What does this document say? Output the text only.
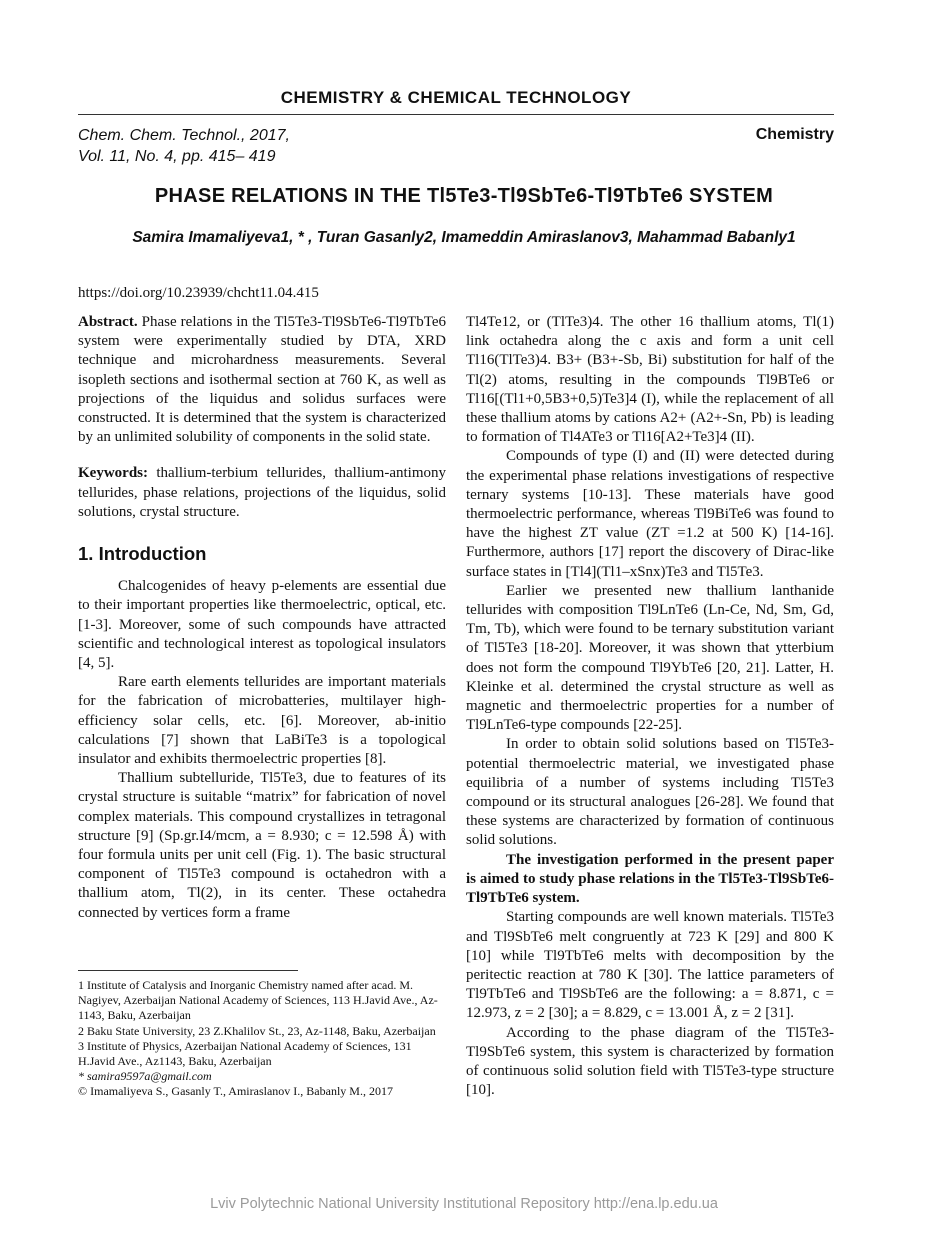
CHEMISTRY & CHEMICAL TECHNOLOGY
Chem. Chem. Technol., 2017,
Vol. 11, No. 4, pp. 415– 419
Chemistry
PHASE RELATIONS IN THE Tl5Te3-Tl9SbTe6-Tl9TbTe6 SYSTEM
Samira Imamaliyeva1, * , Turan Gasanly2, Imameddin Amiraslanov3, Mahammad Babanly1
https://doi.org/10.23939/chcht11.04.415

Abstract. Phase relations in the Tl5Te3-Tl9SbTe6-Tl9TbTe6 system were experimentally studied by DTA, XRD technique and microhardness measurements. Several isopleth sections and isothermal section at 760 K, as well as projections of the liquidus and solidus surfaces were constructed. It is determined that the system is characterized by an unlimited solubility of components in the solid state.

Keywords: thallium-terbium tellurides, thallium-antimony tellurides, phase relations, projections of the liquidus, solid solutions, crystal structure.

1. Introduction

Chalcogenides of heavy p-elements are essential due to their important properties like thermoelectric, optical, etc. [1-3]. Moreover, some of such compounds have attracted scientific and technological interest as topological insulators [4, 5].

Rare earth elements tellurides are important materials for the fabrication of microbatteries, multilayer high-efficiency solar cells, etc. [6]. Moreover, ab-initio calculations [7] shown that LaBiTe3 is a topological insulator and exhibits thermoelectric properties [8].

Thallium subtelluride, Tl5Te3, due to features of its crystal structure is suitable “matrix” for fabrication of novel complex materials. This compound crystallizes in tetragonal structure [9] (Sp.gr.I4/mcm, a = 8.930; c = 12.598 Å) with four formula units per unit cell (Fig. 1). The basic structural component of Tl5Te3 compound is octahedron with a thallium atom, Tl(2), in its center. These octahedra connected by vertices form a frame

Tl4Te12, or (TlTe3)4. The other 16 thallium atoms, Tl(1) link octahedra along the c axis and form a unit cell Tl16(TlTe3)4. B3+ (B3+-Sb, Bi) substitution for half of the Tl(2) atoms, resulting in the compounds Tl9BTe6 or Tl16[(Tl1+0,5B3+0,5)Te3]4 (I), while the replacement of all these thallium atoms by cations A2+ (A2+-Sn, Pb) is leading to formation of Tl4ATe3 or Tl16[A2+Te3]4 (II).

Compounds of type (I) and (II) were detected during the experimental phase relations investigations of respective ternary systems [10-13]. These materials have good thermoelectric performance, whereas Tl9BiTe6 was found to have the highest ZT value (ZT =1.2 at 500 K) [14-16]. Furthermore, authors [17] report the discovery of Dirac-like surface states in [Tl4](Tl1–xSnx)Te3 and Tl5Te3.

Earlier we presented new thallium lanthanide tellurides with composition Tl9LnTe6 (Ln-Ce, Nd, Sm, Gd, Tm, Tb), which were found to be ternary substitution variant of Tl5Te3 [18-20]. Moreover, it was shown that ytterbium does not form the compound Tl9YbTe6 [20, 21]. Latter, H. Kleinke et al. determined the crystal structure as well as magnetic and thermoelectric properties for a number of Tl9LnTe6-type compounds [22-25].

In order to obtain solid solutions based on Tl5Te3-potential thermoelectric material, we investigated phase equilibria of a number of systems including Tl5Te3 compound or its structural analogues [26-28]. We found that these systems are characterized by formation of continuous solid solutions.

The investigation performed in the present paper is aimed to study phase relations in the Tl5Te3-Tl9SbTe6-Tl9TbTe6 system.

Starting compounds are well known materials. Tl5Te3 and Tl9SbTe6 melt congruently at 723 K [29] and 800 K [10] while Tl9TbTe6 melts with decomposition by the peritectic reaction at 780 K [30]. The lattice parameters of Tl9TbTe6 and Tl9SbTe6 are the following: a = 8.871, c = 12.973, z = 2 [30]; a = 8.829, c = 13.001 Å, z = 2 [31].

According to the phase diagram of the Tl5Te3-Tl9SbTe6 system, this system is characterized by formation of continuous solid solution field with Tl5Te3-type structure [10].

1 Institute of Catalysis and Inorganic Chemistry named after acad. M. Nagiyev, Azerbaijan National Academy of Sciences, 113 H.Javid Ave., Az-1143, Baku, Azerbaijan

2 Baku State University, 23 Z.Khalilov St., 23, Az-1148, Baku, Azerbaijan

3 Institute of Physics, Azerbaijan National Academy of Sciences, 131 H.Javid Ave., Az1143, Baku, Azerbaijan

* samira9597a@gmail.com

© Imamaliyeva S., Gasanly T., Amiraslanov I., Babanly M., 2017

Lviv Polytechnic National University Institutional Repository http://ena.lp.edu.ua
